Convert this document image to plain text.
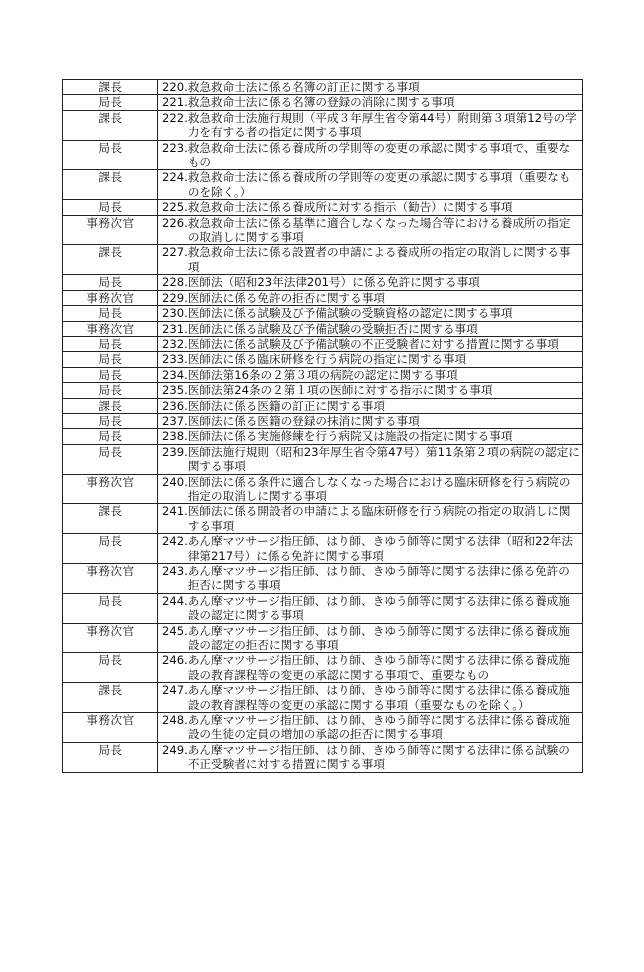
課長	220. 救急救命士法に係る名簿の訂正に関する事項

局長	221. 救急救命士法に係る名簿の登録の消除に関する事項

課長	222. 救急救命士法施行規則（平成３年厚生省令第44号）附則第３項第12号の学力を有する者の指定に関する事項

局長	223. 救急救命士法に係る養成所の学則等の変更の承認に関する事項で、重要なもの

課長	224. 救急救命士法に係る養成所の学則等の変更の承認に関する事項（重要なものを除く。）

局長	225. 救急救命士法に係る養成所に対する指示（勧告）に関する事項

事務次官	226. 救急救命士法に係る基準に適合しなくなった場合等における養成所の指定の取消しに関する事項

課長	227. 救急救命士法に係る設置者の申請による養成所の指定の取消しに関する事項

局長	228. 医師法（昭和23年法律201号）に係る免許に関する事項

事務次官	229. 医師法に係る免許の拒否に関する事項

局長	230. 医師法に係る試験及び予備試験の受験資格の認定に関する事項

事務次官	231. 医師法に係る試験及び予備試験の受験拒否に関する事項

局長	232. 医師法に係る試験及び予備試験の不正受験者に対する措置に関する事項

局長	233. 医師法に係る臨床研修を行う病院の指定に関する事項

局長	234. 医師法第16条の２第３項の病院の認定に関する事項

局長	235. 医師法第24条の２第１項の医師に対する指示に関する事項

課長	236. 医師法に係る医籍の訂正に関する事項

局長	237. 医師法に係る医籍の登録の抹消に関する事項

局長	238. 医師法に係る実施修練を行う病院又は施設の指定に関する事項

局長	239. 医師法施行規則（昭和23年厚生省令第47号）第11条第２項の病院の認定に関する事項

事務次官	240. 医師法に係る条件に適合しなくなった場合における臨床研修を行う病院の指定の取消しに関する事項

課長	241. 医師法に係る開設者の申請による臨床研修を行う病院の指定の取消しに関する事項

局長	242. あん摩マツサージ指圧師、はり師、きゆう師等に関する法律（昭和22年法律第217号）に係る免許に関する事項

事務次官	243. あん摩マツサージ指圧師、はり師、きゆう師等に関する法律に係る免許の拒否に関する事項

局長	244. あん摩マツサージ指圧師、はり師、きゆう師等に関する法律に係る養成施設の認定に関する事項

事務次官	245. あん摩マツサージ指圧師、はり師、きゆう師等に関する法律に係る養成施設の認定の拒否に関する事項

局長	246. あん摩マツサージ指圧師、はり師、きゆう師等に関する法律に係る養成施設の教育課程等の変更の承認に関する事項で、重要なもの

課長	247. あん摩マツサージ指圧師、はり師、きゆう師等に関する法律に係る養成施設の教育課程等の変更の承認に関する事項（重要なものを除く。）

事務次官	248. あん摩マツサージ指圧師、はり師、きゆう師等に関する法律に係る養成施設の生徒の定員の増加の承認の拒否に関する事項

局長	249. あん摩マツサージ指圧師、はり師、きゆう師等に関する法律に係る試験の不正受験者に対する措置に関する事項
